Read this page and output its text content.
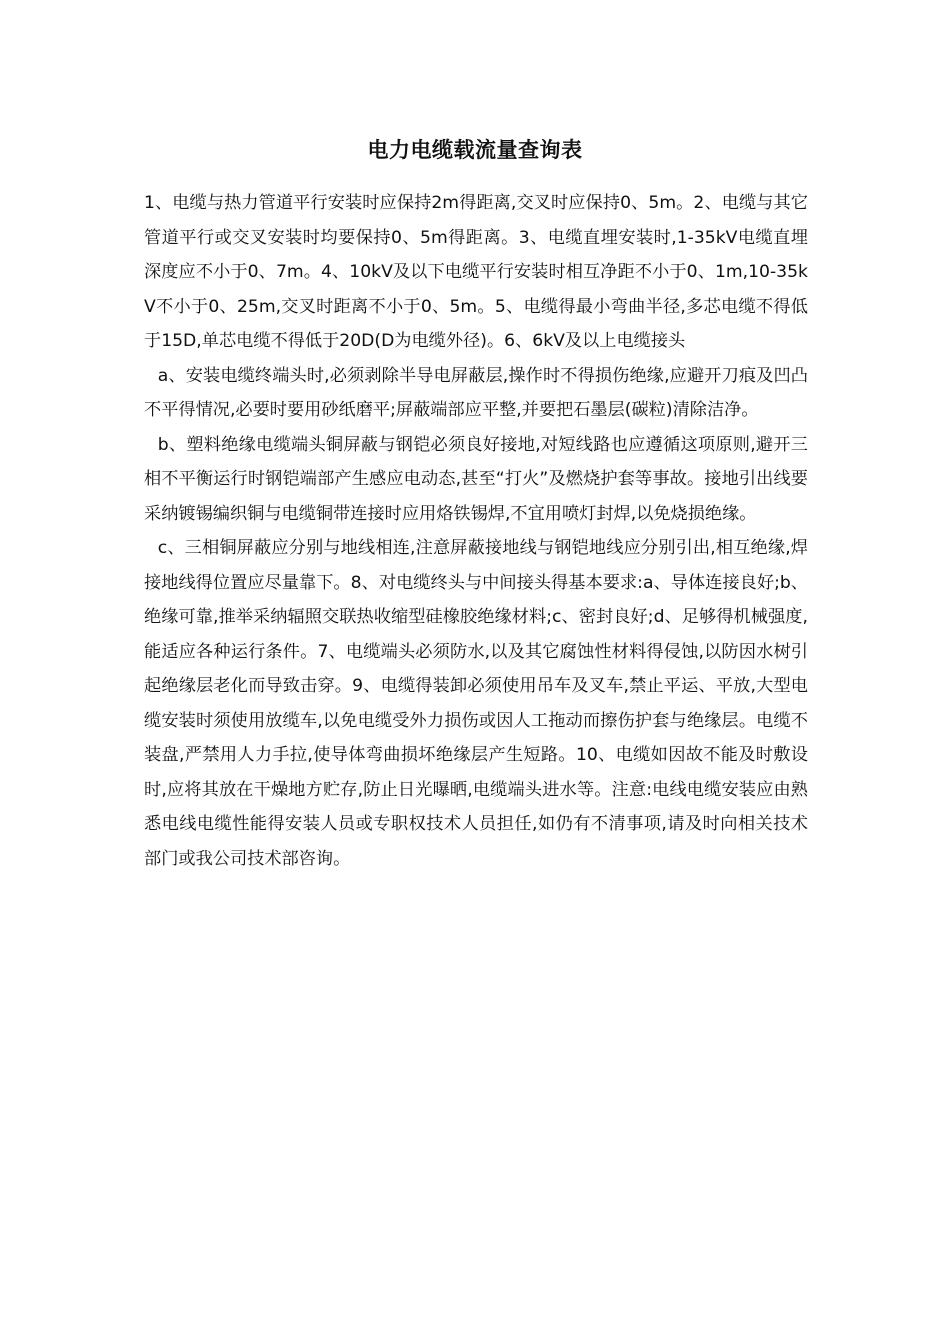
电力电缆载流量查询表

1、电缆与热力管道平行安装时应保持2m得距离,交叉时应保持0、5m。2、电缆与其它管道平行或交叉安装时均要保持0、5m得距离。3、电缆直埋安装时,1-35kV电缆直埋深度应不小于0、7m。4、10kV及以下电缆平行安装时相互净距不小于0、1m,10-35kV不小于0、25m,交叉时距离不小于0、5m。5、电缆得最小弯曲半径,多芯电缆不得低于15D,单芯电缆不得低于20D(D为电缆外径)。6、6kV及以上电缆接头

a、安装电缆终端头时,必须剥除半导电屏蔽层,操作时不得损伤绝缘,应避开刀痕及凹凸不平得情况,必要时要用砂纸磨平;屏蔽端部应平整,并要把石墨层(碳粒)清除洁净。

b、塑料绝缘电缆端头铜屏蔽与钢铠必须良好接地,对短线路也应遵循这项原则,避开三相不平衡运行时钢铠端部产生感应电动态,甚至“打火”及燃烧护套等事故。接地引出线要采纳镀锡编织铜与电缆铜带连接时应用烙铁锡焊,不宜用喷灯封焊,以免烧损绝缘。

c、三相铜屏蔽应分别与地线相连,注意屏蔽接地线与钢铠地线应分别引出,相互绝缘,焊接地线得位置应尽量靠下。8、对电缆终头与中间接头得基本要求:a、导体连接良好;b、绝缘可靠,推举采纳辐照交联热收缩型硅橡胶绝缘材料;c、密封良好;d、足够得机械强度,能适应各种运行条件。7、电缆端头必须防水,以及其它腐蚀性材料得侵蚀,以防因水树引起绝缘层老化而导致击穿。9、电缆得装卸必须使用吊车及叉车,禁止平运、平放,大型电缆安装时须使用放缆车,以免电缆受外力损伤或因人工拖动而擦伤护套与绝缘层。电缆不装盘,严禁用人力手拉,使导体弯曲损坏绝缘层产生短路。10、电缆如因故不能及时敷设时,应将其放在干燥地方贮存,防止日光曝晒,电缆端头进水等。注意:电线电缆安装应由熟悉电线电缆性能得安装人员或专职权技术人员担任,如仍有不清事项,请及时向相关技术部门或我公司技术部咨询。
